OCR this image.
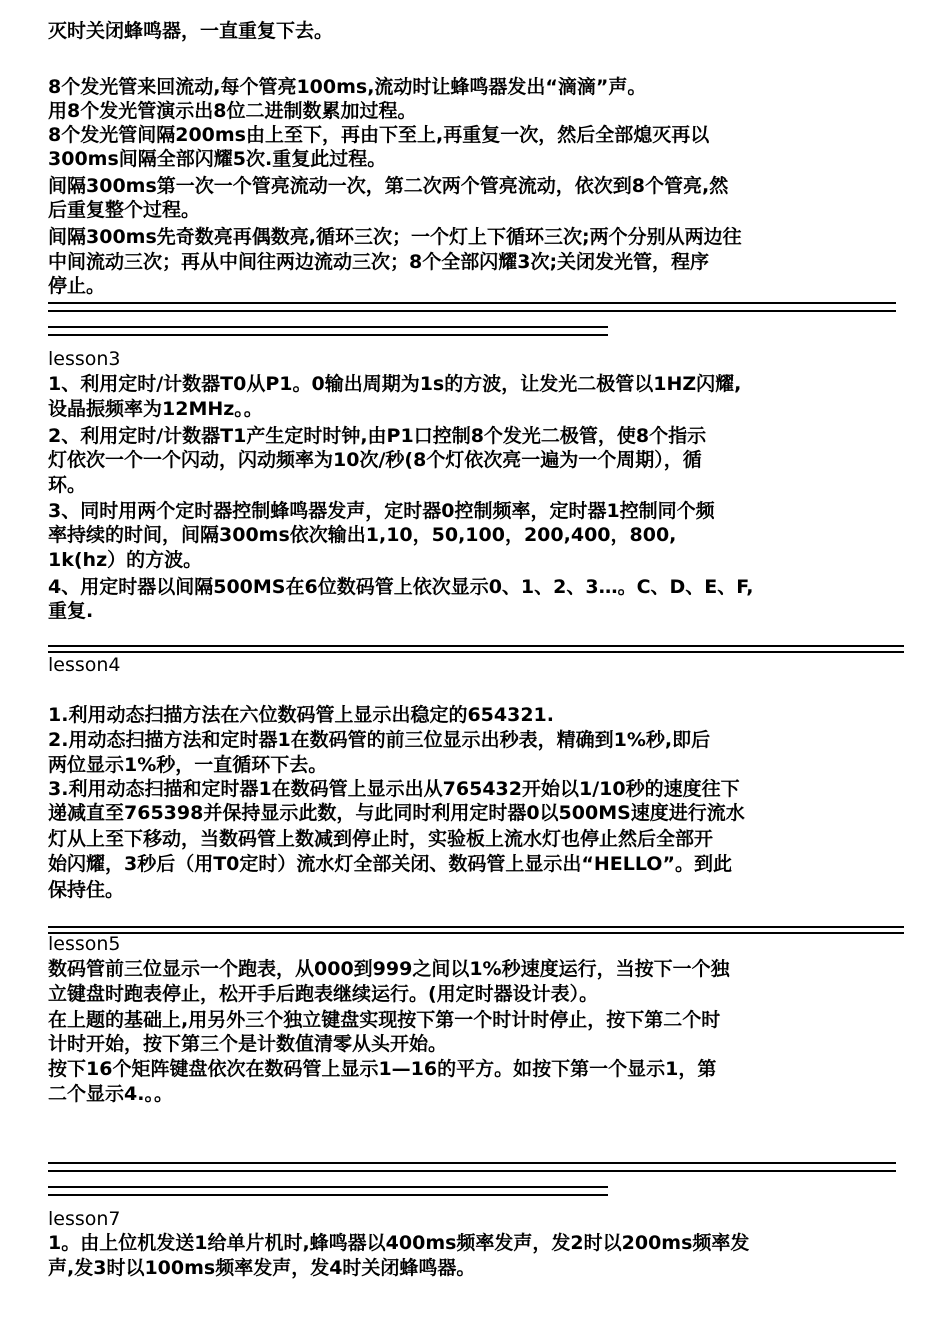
灭时关闭蜂鸣器，一直重复下去。
8个发光管来回流动,每个管亮100ms,流动时让蜂鸣器发出“滴滴”声。
用8个发光管演示出8位二进制数累加过程。
8个发光管间隔200ms由上至下，再由下至上,再重复一次，然后全部熄灭再以
300ms间隔全部闪耀5次.重复此过程。
间隔300ms第一次一个管亮流动一次，第二次两个管亮流动，依次到8个管亮,然
后重复整个过程。
间隔300ms先奇数亮再偶数亮,循环三次；一个灯上下循环三次;两个分别从两边往
中间流动三次；再从中间往两边流动三次；8个全部闪耀3次;关闭发光管，程序
停止。
lesson3
1、利用定时/计数器T0从P1。0输出周期为1s的方波，让发光二极管以1HZ闪耀,
设晶振频率为12MHz。。
2、利用定时/计数器T1产生定时时钟,由P1口控制8个发光二极管，使8个指示
灯依次一个一个闪动，闪动频率为10次/秒(8个灯依次亮一遍为一个周期），循
环。
3、同时用两个定时器控制蜂鸣器发声，定时器0控制频率，定时器1控制同个频
率持续的时间，间隔300ms依次输出1,10，50,100，200,400，800,
1k(hz）的方波。
4、用定时器以间隔500MS在6位数码管上依次显示0、1、2、3…。C、D、E、F,
重复.
lesson4
1.利用动态扫描方法在六位数码管上显示出稳定的654321.
2.用动态扫描方法和定时器1在数码管的前三位显示出秒表，精确到1%秒,即后
两位显示1%秒，一直循环下去。
3.利用动态扫描和定时器1在数码管上显示出从765432开始以1/10秒的速度往下
递减直至765398并保持显示此数，与此同时利用定时器0以500MS速度进行流水
灯从上至下移动，当数码管上数减到停止时，实验板上流水灯也停止然后全部开
始闪耀，3秒后（用T0定时）流水灯全部关闭、数码管上显示出“HELLO”。到此
保持住。
lesson5
数码管前三位显示一个跑表，从000到999之间以1%秒速度运行，当按下一个独
立键盘时跑表停止，松开手后跑表继续运行。(用定时器设计表）。
在上题的基础上,用另外三个独立键盘实现按下第一个时计时停止，按下第二个时
计时开始，按下第三个是计数值清零从头开始。
按下16个矩阵键盘依次在数码管上显示1—16的平方。如按下第一个显示1，第
二个显示4.。。
lesson7
1。由上位机发送1给单片机时,蜂鸣器以400ms频率发声，发2时以200ms频率发
声,发3时以100ms频率发声，发4时关闭蜂鸣器。
